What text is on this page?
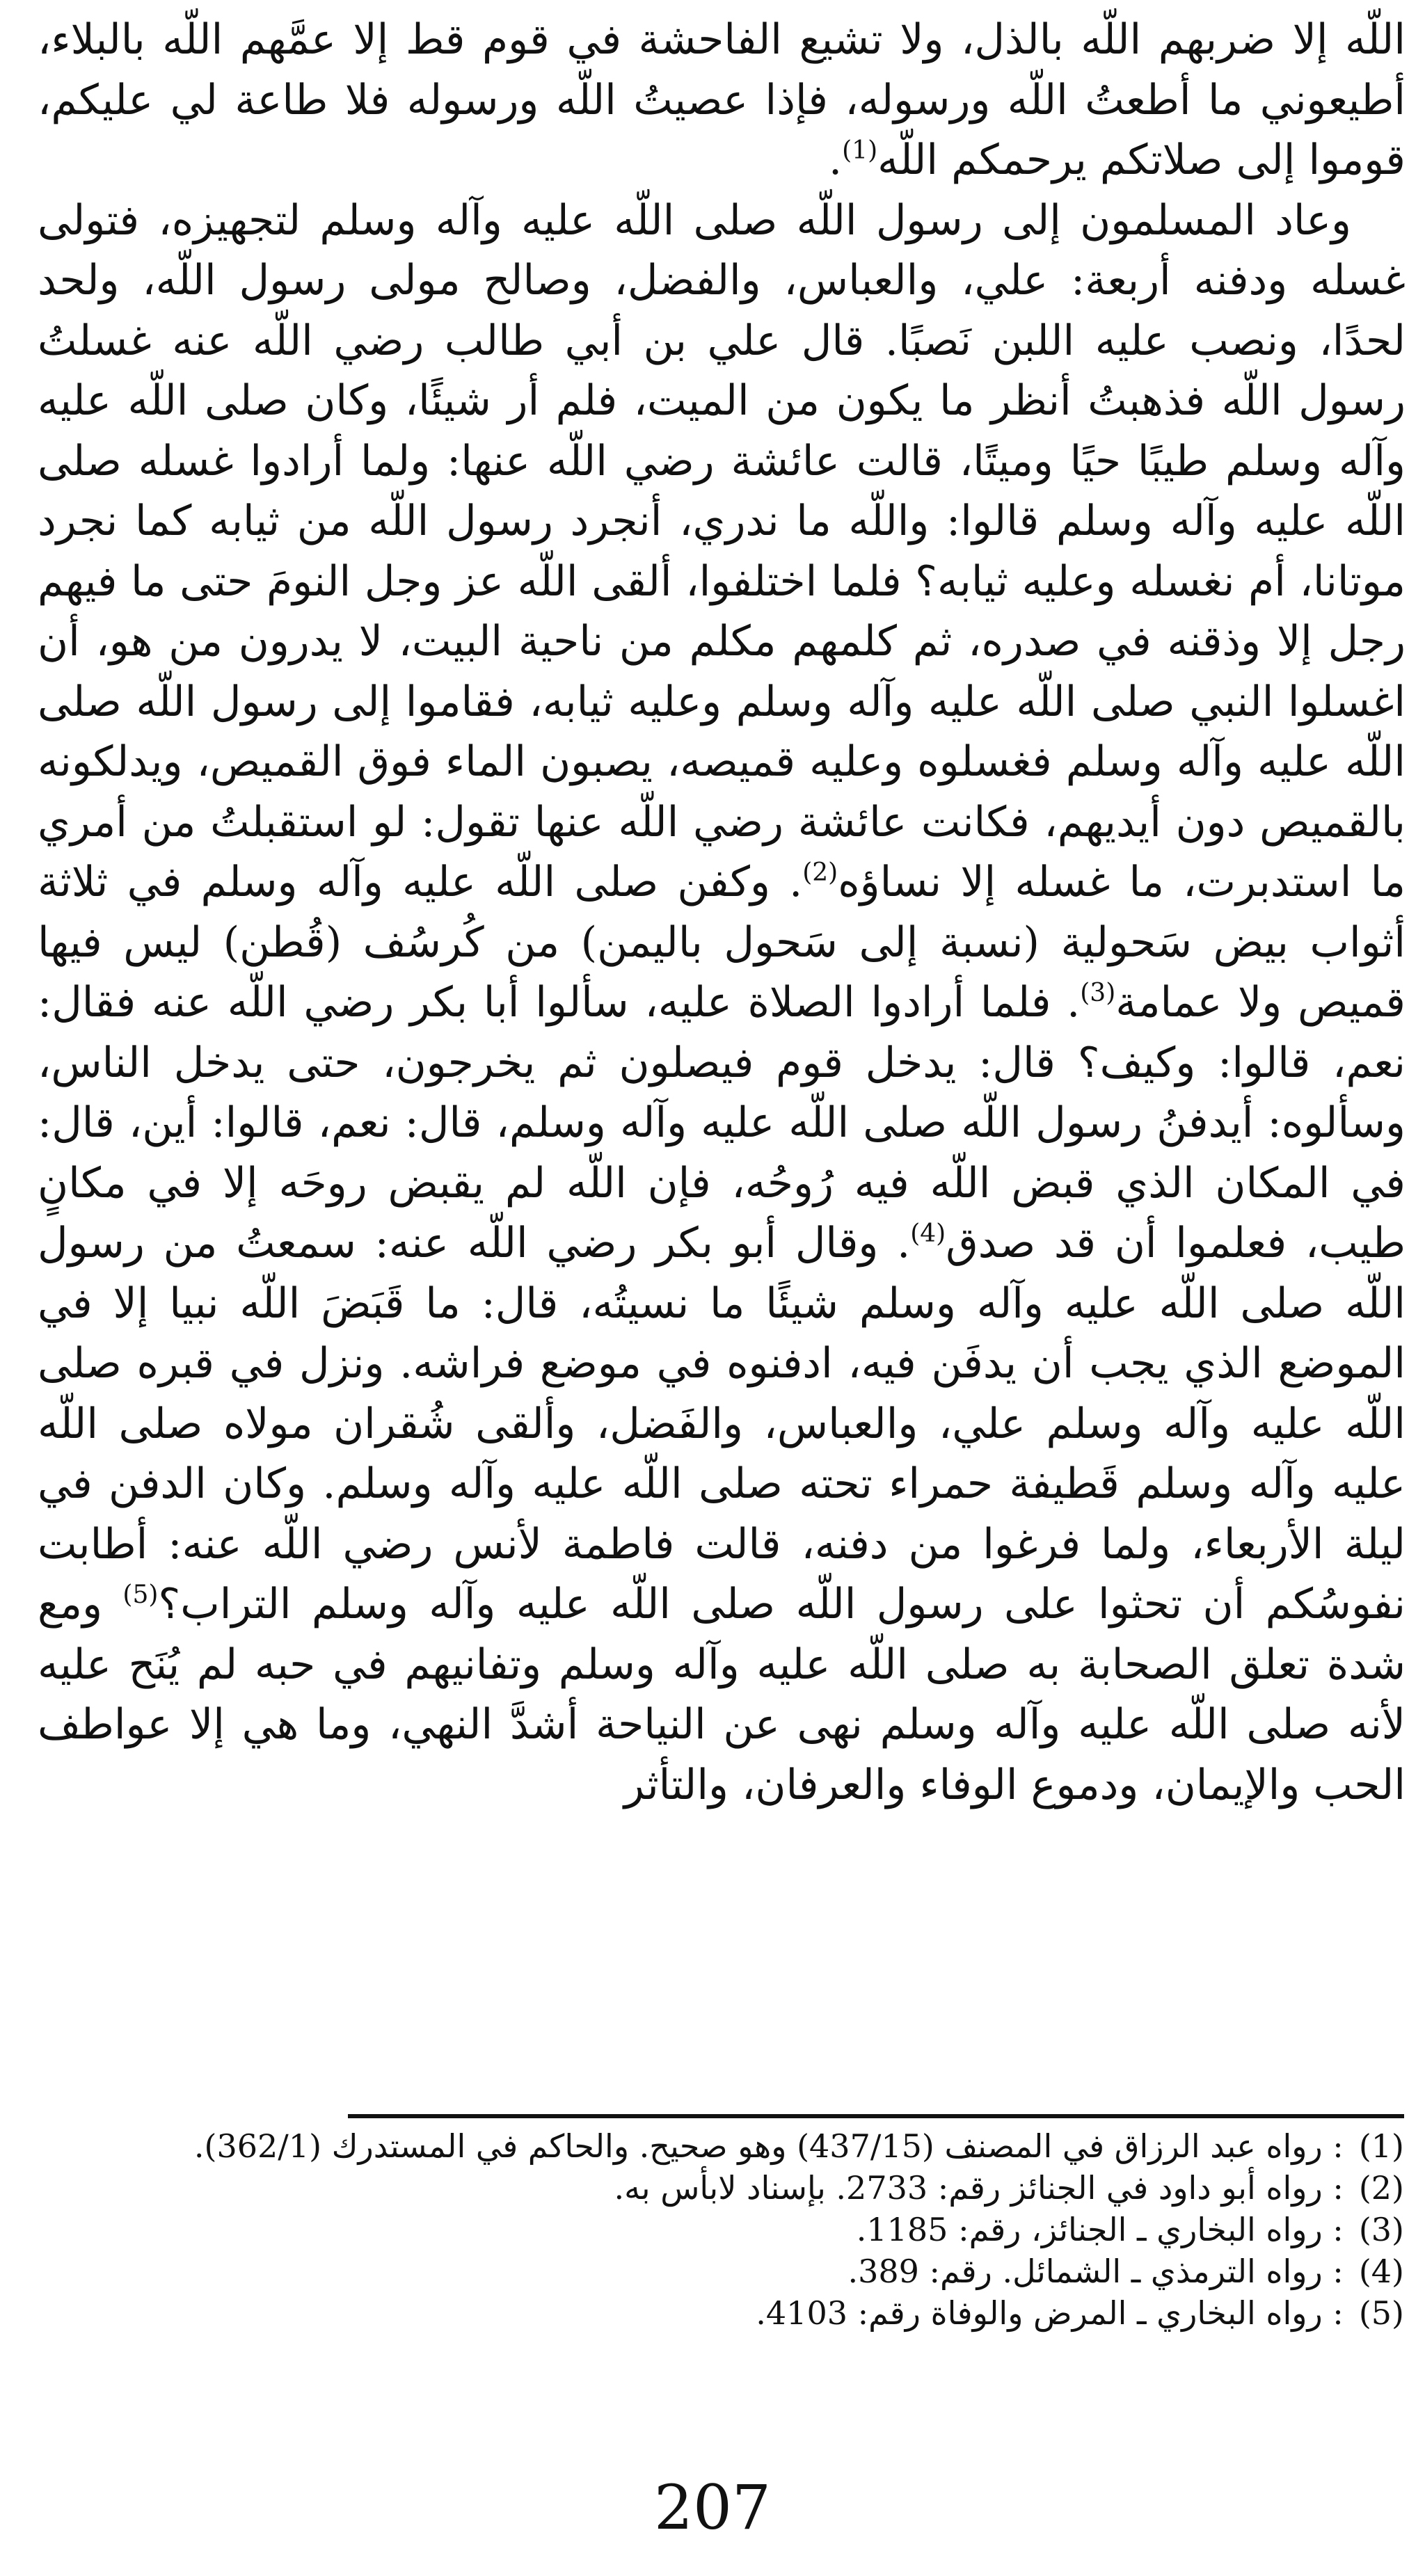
اللّه إلا ضربهم اللّه بالذل، ولا تشيع الفاحشة في قوم قط إلا عمَّهم اللّه بالبلاء، أطيعوني ما أطعتُ اللّه ورسوله، فإذا عصيتُ اللّه ورسوله فلا طاعة لي عليكم، قوموا إلى صلاتكم يرحمكم اللّه$^{(1)}$.

وعاد المسلمون إلى رسول اللّه صلى اللّه عليه وآله وسلم لتجهيزه، فتولى غسله ودفنه أربعة: علي، والعباس، والفضل، وصالح مولى رسول اللّه، ولحد لحدًا، ونصب عليه اللبن نَصبًا. قال علي بن أبي طالب رضي اللّه عنه غسلتُ رسول اللّه فذهبتُ أنظر ما يكون من الميت، فلم أر شيئًا، وكان صلى اللّه عليه وآله وسلم طيبًا حيًا وميتًا، قالت عائشة رضي اللّه عنها: ولما أرادوا غسله صلى اللّه عليه وآله وسلم قالوا: واللّه ما ندري، أنجرد رسول اللّه من ثيابه كما نجرد موتانا، أم نغسله وعليه ثيابه؟ فلما اختلفوا، ألقى اللّه عز وجل النومَ حتى ما فيهم رجل إلا وذقنه في صدره، ثم كلمهم مكلم من ناحية البيت، لا يدرون من هو، أن اغسلوا النبي صلى اللّه عليه وآله وسلم وعليه ثيابه، فقاموا إلى رسول اللّه صلى اللّه عليه وآله وسلم فغسلوه وعليه قميصه، يصبون الماء فوق القميص، ويدلكونه بالقميص دون أيديهم، فكانت عائشة رضي اللّه عنها تقول: لو استقبلتُ من أمري ما استدبرت، ما غسله إلا نساؤه$^{(2)}$. وكفن صلى اللّه عليه وآله وسلم في ثلاثة أثواب بيض سَحولية (نسبة إلى سَحول باليمن) من كُرسُف (قُطن) ليس فيها قميص ولا عمامة$^{(3)}$. فلما أرادوا الصلاة عليه، سألوا أبا بكر رضي اللّه عنه فقال: نعم، قالوا: وكيف؟ قال: يدخل قوم فيصلون ثم يخرجون، حتى يدخل الناس، وسألوه: أيدفنُ رسول اللّه صلى اللّه عليه وآله وسلم، قال: نعم، قالوا: أين، قال: في المكان الذي قبض اللّه فيه رُوحُه، فإن اللّه لم يقبض روحَه إلا في مكانٍ طيب، فعلموا أن قد صدق$^{(4)}$. وقال أبو بكر رضي اللّه عنه: سمعتُ من رسول اللّه صلى اللّه عليه وآله وسلم شيئًا ما نسيتُه، قال: ما قَبَضَ اللّه نبيا إلا في الموضع الذي يجب أن يدفَن فيه، ادفنوه في موضع فراشه. ونزل في قبره صلى اللّه عليه وآله وسلم علي، والعباس، والفَضل، وألقى شُقران مولاه صلى اللّه عليه وآله وسلم قَطيفة حمراء تحته صلى اللّه عليه وآله وسلم. وكان الدفن في ليلة الأربعاء، ولما فرغوا من دفنه، قالت فاطمة لأنس رضي اللّه عنه: أطابت نفوسُكم أن تحثوا على رسول اللّه صلى اللّه عليه وآله وسلم التراب؟$^{(5)}$ ومع شدة تعلق الصحابة به صلى اللّه عليه وآله وسلم وتفانيهم في حبه لم يُنَح عليه لأنه صلى اللّه عليه وآله وسلم نهى عن النياحة أشدَّ النهي، وما هي إلا عواطف الحب والإيمان، ودموع الوفاء والعرفان، والتأثر

(1): رواه عبد الرزاق في المصنف (437/15) وهو صحيح. والحاكم في المستدرك (362/1).
(2): رواه أبو داود في الجنائز رقم: 2733. بإسناد لابأس به.
(3): رواه البخاري ـ الجنائز، رقم: 1185.
(4): رواه الترمذي ـ الشمائل. رقم: 389.
(5): رواه البخاري ـ المرض والوفاة رقم: 4103.
207
